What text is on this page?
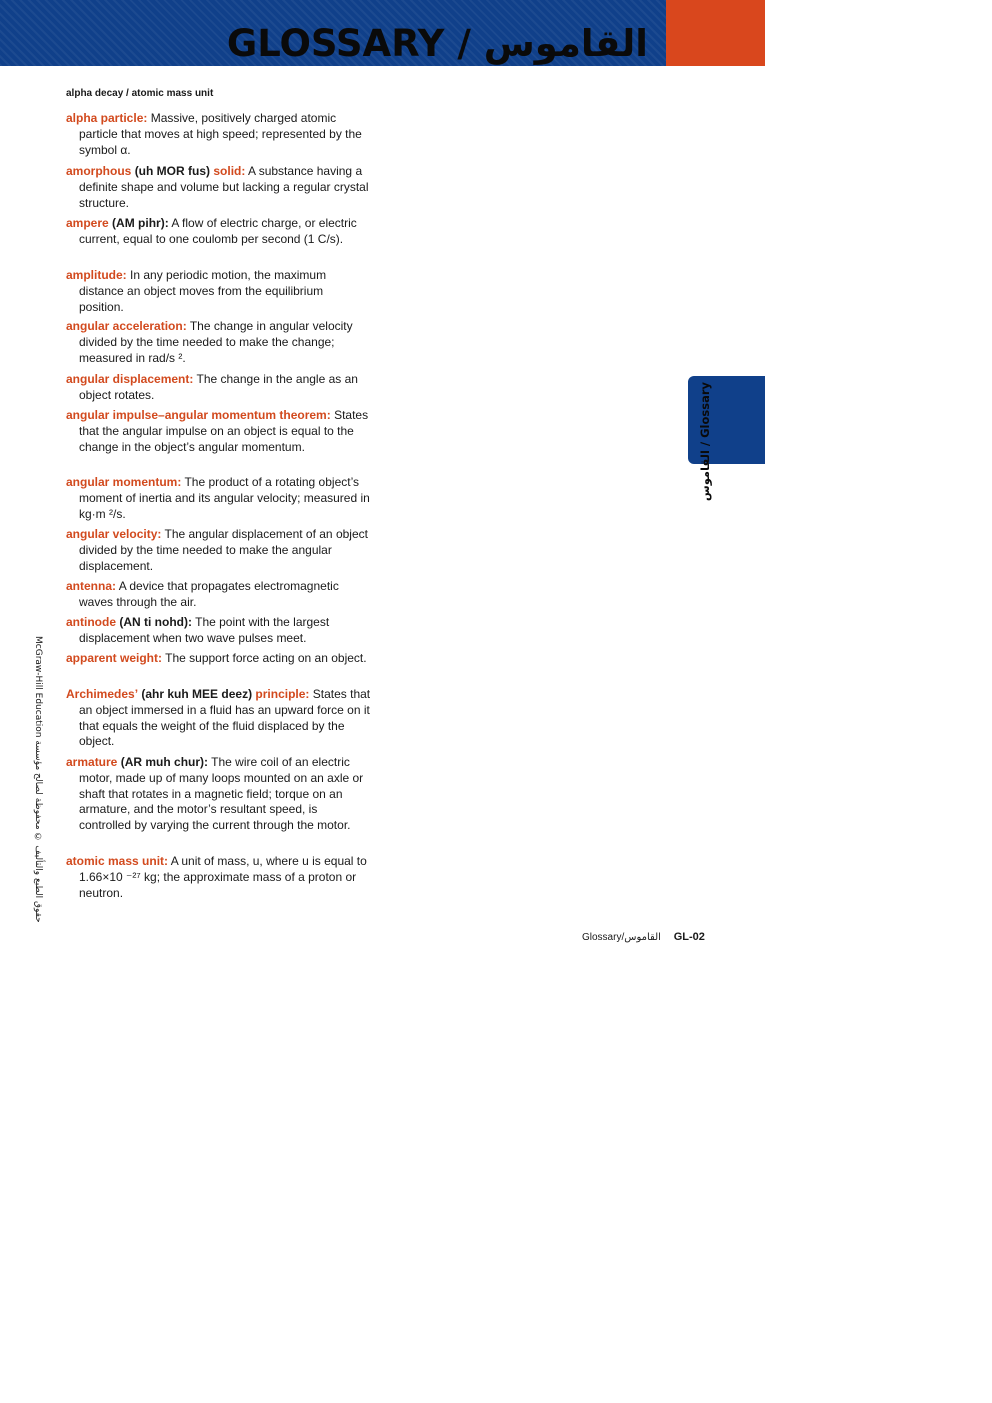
GLOSSARY / القاموس
alpha decay / atomic mass unit

alpha particle: Massive, positively charged atomic particle that moves at high speed; represented by the symbol α.

amorphous (uh MOR fus) solid: A substance having a definite shape and volume but lacking a regular crystal structure.

ampere (AM pihr): A flow of electric charge, or electric current, equal to one coulomb per second (1 C/s).

amplitude: In any periodic motion, the maximum distance an object moves from the equilibrium position.

angular acceleration: The change in angular velocity divided by the time needed to make the change; measured in rad/s ².

angular displacement: The change in the angle as an object rotates.

angular impulse–angular momentum theorem: States that the angular impulse on an object is equal to the change in the object’s angular momentum.

angular momentum: The product of a rotating object’s moment of inertia and its angular velocity; measured in kg·m ²/s.

angular velocity: The angular displacement of an object divided by the time needed to make the angular displacement.

antenna: A device that propagates electromagnetic waves through the air.

antinode (AN ti nohd): The point with the largest displacement when two wave pulses meet.

apparent weight: The support force acting on an object.

Archimedes’ (ahr kuh MEE deez) principle: States that an object immersed in a fluid has an upward force on it that equals the weight of the fluid displaced by the object.

armature (AR muh chur): The wire coil of an electric motor, made up of many loops mounted on an axle or shaft that rotates in a magnetic field; torque on an armature, and the motor’s resultant speed, is controlled by varying the current through the motor.

atomic mass unit: A unit of mass, u, where u is equal to 1.66×10 ⁻²⁷ kg; the approximate mass of a proton or neutron.

القاموس / Glossary
McGraw-Hill Education حقوق الطبع والتأليف © محفوظة لصالح مؤسسة
Glossary/القاموس GL-02
